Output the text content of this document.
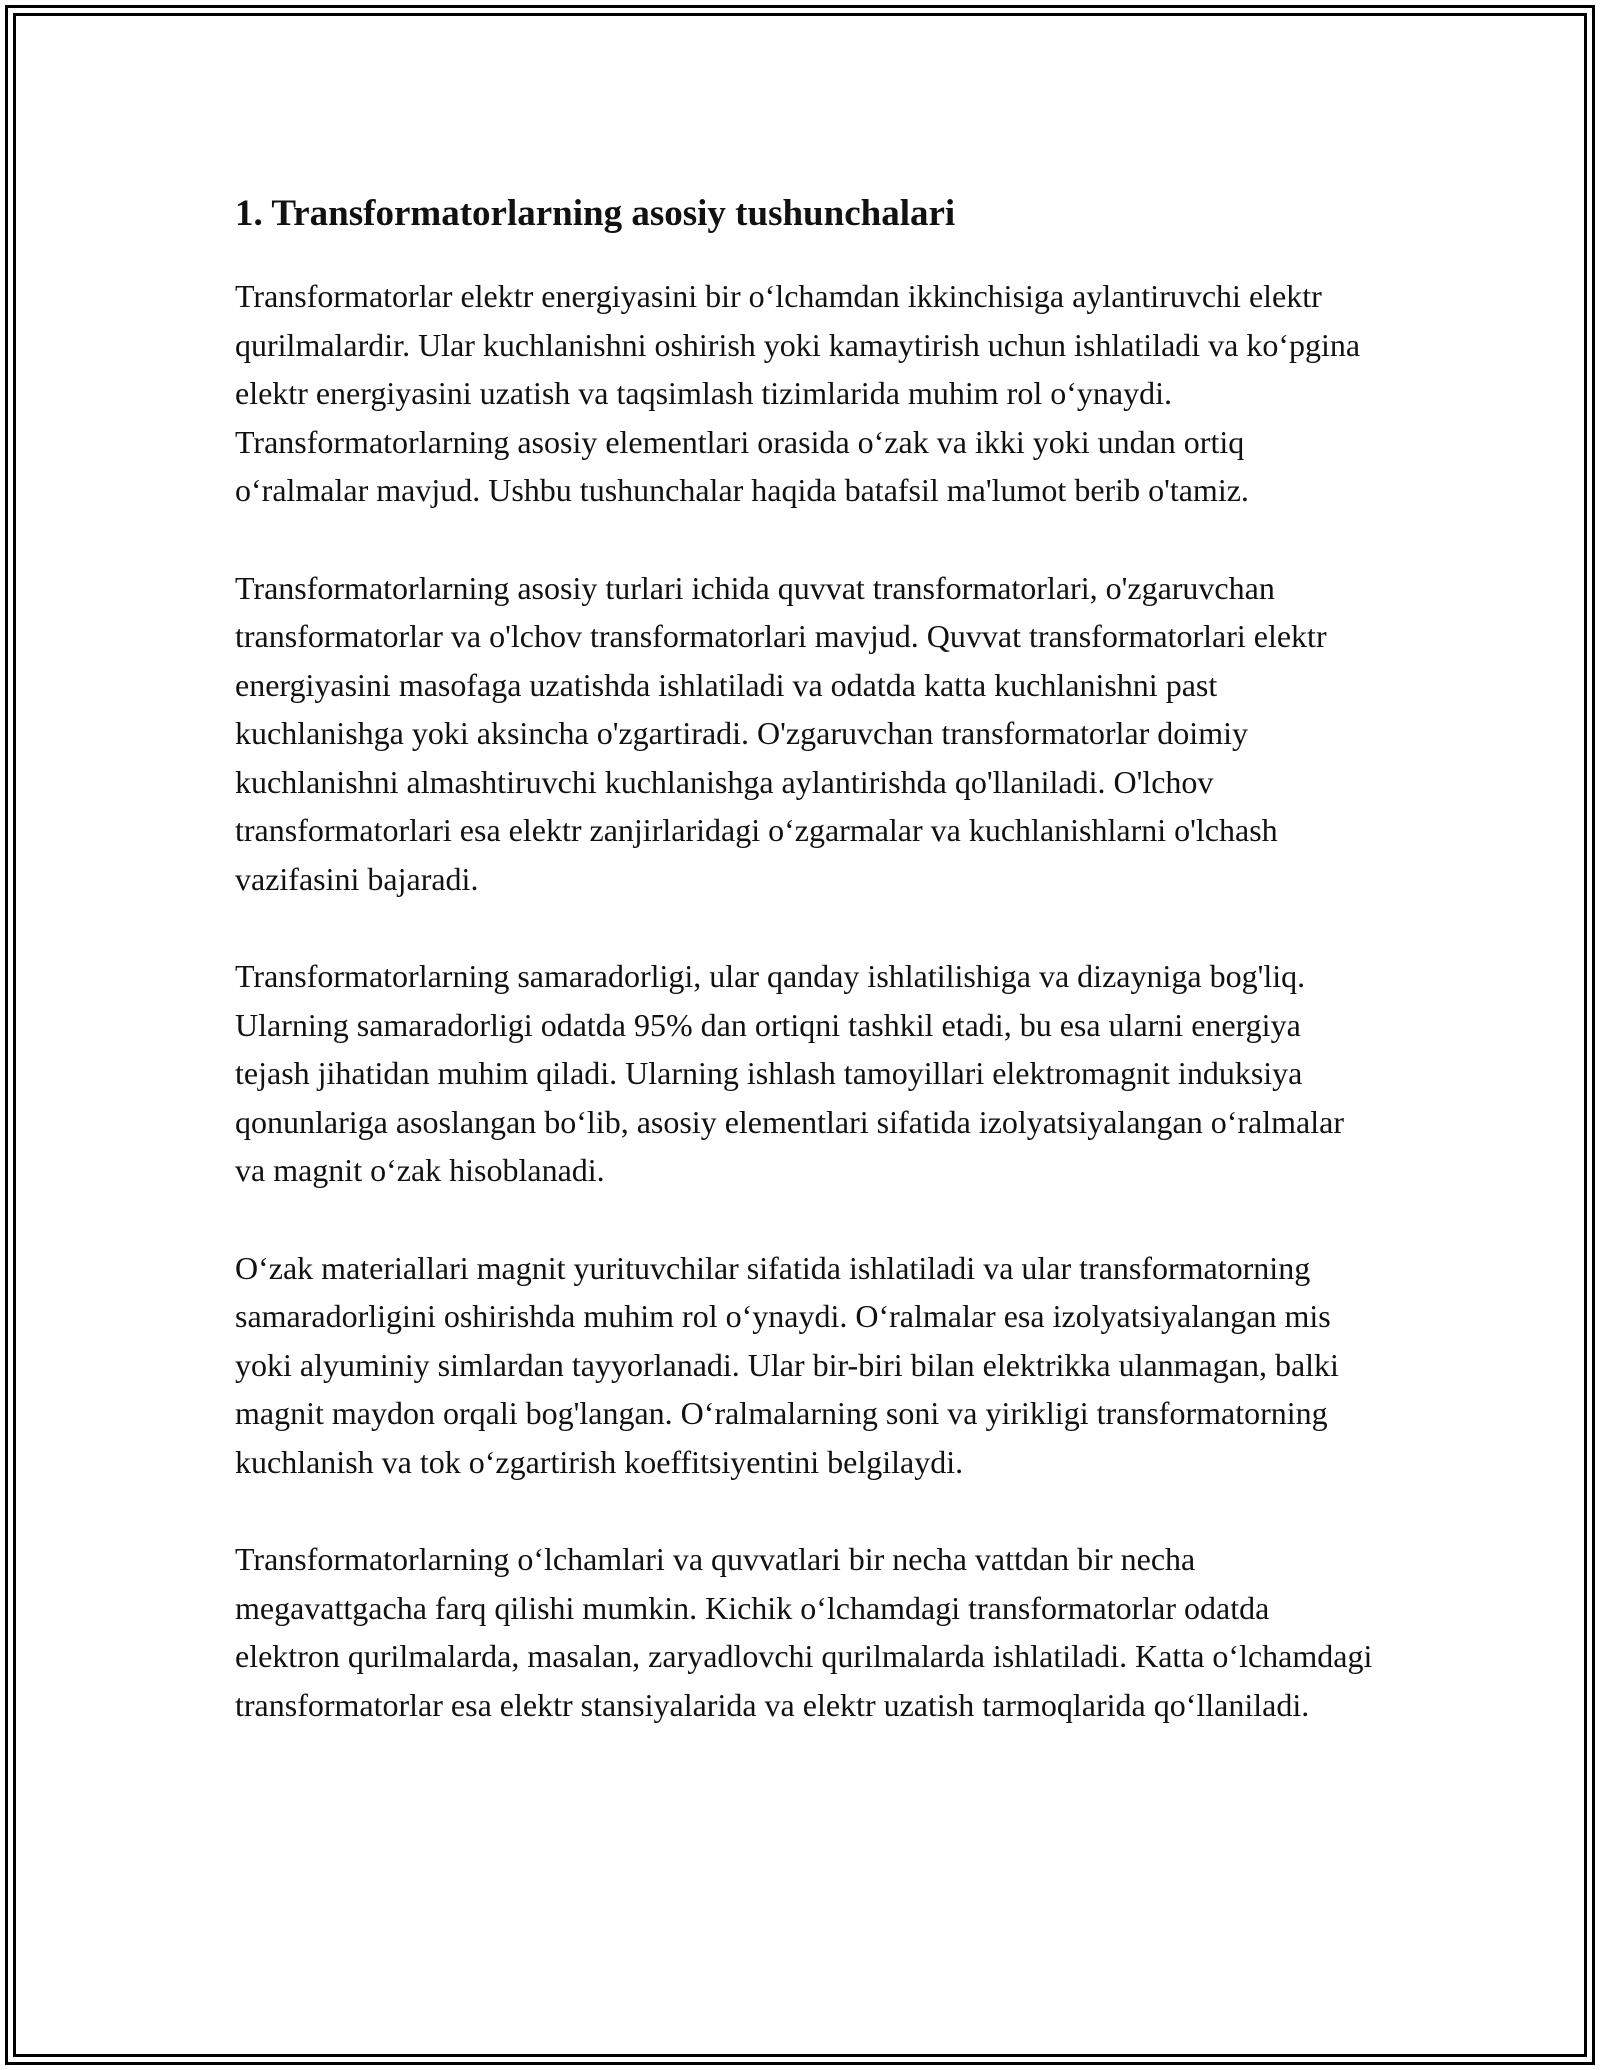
1. Transformatorlarning asosiy tushunchalari

Transformatorlar elektr energiyasini bir o‘lchamdan ikkinchisiga aylantiruvchi elektr qurilmalardir. Ular kuchlanishni oshirish yoki kamaytirish uchun ishlatiladi va ko‘pgina elektr energiyasini uzatish va taqsimlash tizimlarida muhim rol o‘ynaydi. Transformatorlarning asosiy elementlari orasida o‘zak va ikki yoki undan ortiq o‘ralmalar mavjud. Ushbu tushunchalar haqida batafsil ma'lumot berib o'tamiz.

Transformatorlarning asosiy turlari ichida quvvat transformatorlari, o'zgaruvchan transformatorlar va o'lchov transformatorlari mavjud. Quvvat transformatorlari elektr energiyasini masofaga uzatishda ishlatiladi va odatda katta kuchlanishni past kuchlanishga yoki aksincha o'zgartiradi. O'zgaruvchan transformatorlar doimiy kuchlanishni almashtiruvchi kuchlanishga aylantirishda qo'llaniladi. O'lchov transformatorlari esa elektr zanjirlaridagi o‘zgarmalar va kuchlanishlarni o'lchash vazifasini bajaradi.

Transformatorlarning samaradorligi, ular qanday ishlatilishiga va dizayniga bog'liq. Ularning samaradorligi odatda 95% dan ortiqni tashkil etadi, bu esa ularni energiya tejash jihatidan muhim qiladi. Ularning ishlash tamoyillari elektromagnit induksiya qonunlariga asoslangan bo‘lib, asosiy elementlari sifatida izolyatsiyalangan o‘ralmalar va magnit o‘zak hisoblanadi.

O‘zak materiallari magnit yurituvchilar sifatida ishlatiladi va ular transformatorning samaradorligini oshirishda muhim rol o‘ynaydi. O‘ralmalar esa izolyatsiyalangan mis yoki alyuminiy simlardan tayyorlanadi. Ular bir-biri bilan elektrikka ulanmagan, balki magnit maydon orqali bog'langan. O‘ralmalarning soni va yirikligi transformatorning kuchlanish va tok o‘zgartirish koeffitsiyentini belgilaydi.

Transformatorlarning o‘lchamlari va quvvatlari bir necha vattdan bir necha megavattgacha farq qilishi mumkin. Kichik o‘lchamdagi transformatorlar odatda elektron qurilmalarda, masalan, zaryadlovchi qurilmalarda ishlatiladi. Katta o‘lchamdagi transformatorlar esa elektr stansiyalarida va elektr uzatish tarmoqlarida qo‘llaniladi.
